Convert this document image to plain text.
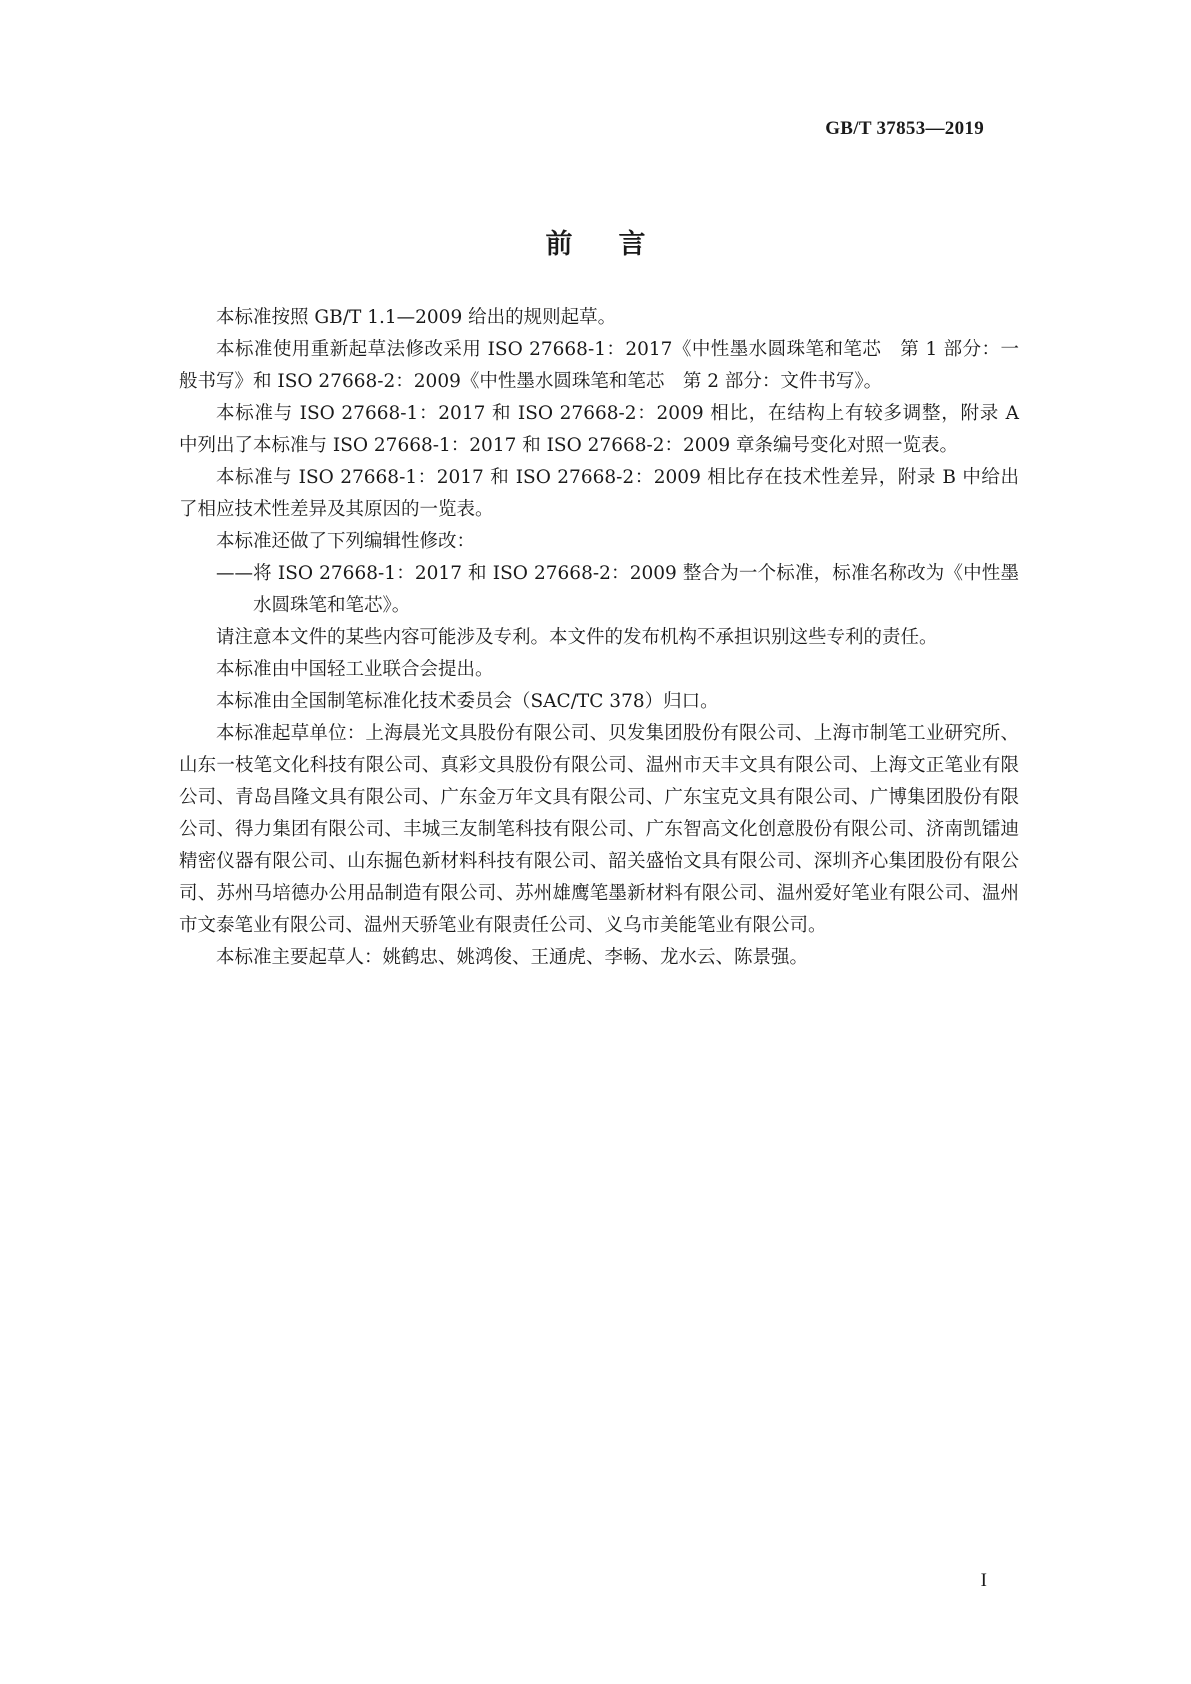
GB/T 37853—2019
前言

本标准按照 GB/T 1.1—2009 给出的规则起草。

本标准使用重新起草法修改采用 ISO 27668-1：2017《中性墨水圆珠笔和笔芯　第 1 部分：一般书写》和 ISO 27668-2：2009《中性墨水圆珠笔和笔芯　第 2 部分：文件书写》。

本标准与 ISO 27668-1：2017 和 ISO 27668-2：2009 相比，在结构上有较多调整，附录 A 中列出了本标准与 ISO 27668-1：2017 和 ISO 27668-2：2009 章条编号变化对照一览表。

本标准与 ISO 27668-1：2017 和 ISO 27668-2：2009 相比存在技术性差异，附录 B 中给出了相应技术性差异及其原因的一览表。

本标准还做了下列编辑性修改：

——将 ISO 27668-1：2017 和 ISO 27668-2：2009 整合为一个标准，标准名称改为《中性墨水圆珠笔和笔芯》。

请注意本文件的某些内容可能涉及专利。本文件的发布机构不承担识别这些专利的责任。

本标准由中国轻工业联合会提出。

本标准由全国制笔标准化技术委员会（SAC/TC 378）归口。

本标准起草单位：上海晨光文具股份有限公司、贝发集团股份有限公司、上海市制笔工业研究所、山东一枝笔文化科技有限公司、真彩文具股份有限公司、温州市天丰文具有限公司、上海文正笔业有限公司、青岛昌隆文具有限公司、广东金万年文具有限公司、广东宝克文具有限公司、广博集团股份有限公司、得力集团有限公司、丰城三友制笔科技有限公司、广东智高文化创意股份有限公司、济南凯镭迪精密仪器有限公司、山东掘色新材料科技有限公司、韶关盛怡文具有限公司、深圳齐心集团股份有限公司、苏州马培德办公用品制造有限公司、苏州雄鹰笔墨新材料有限公司、温州爱好笔业有限公司、温州市文泰笔业有限公司、温州天骄笔业有限责任公司、义乌市美能笔业有限公司。

本标准主要起草人：姚鹤忠、姚鸿俊、王通虎、李畅、龙水云、陈景强。

I
